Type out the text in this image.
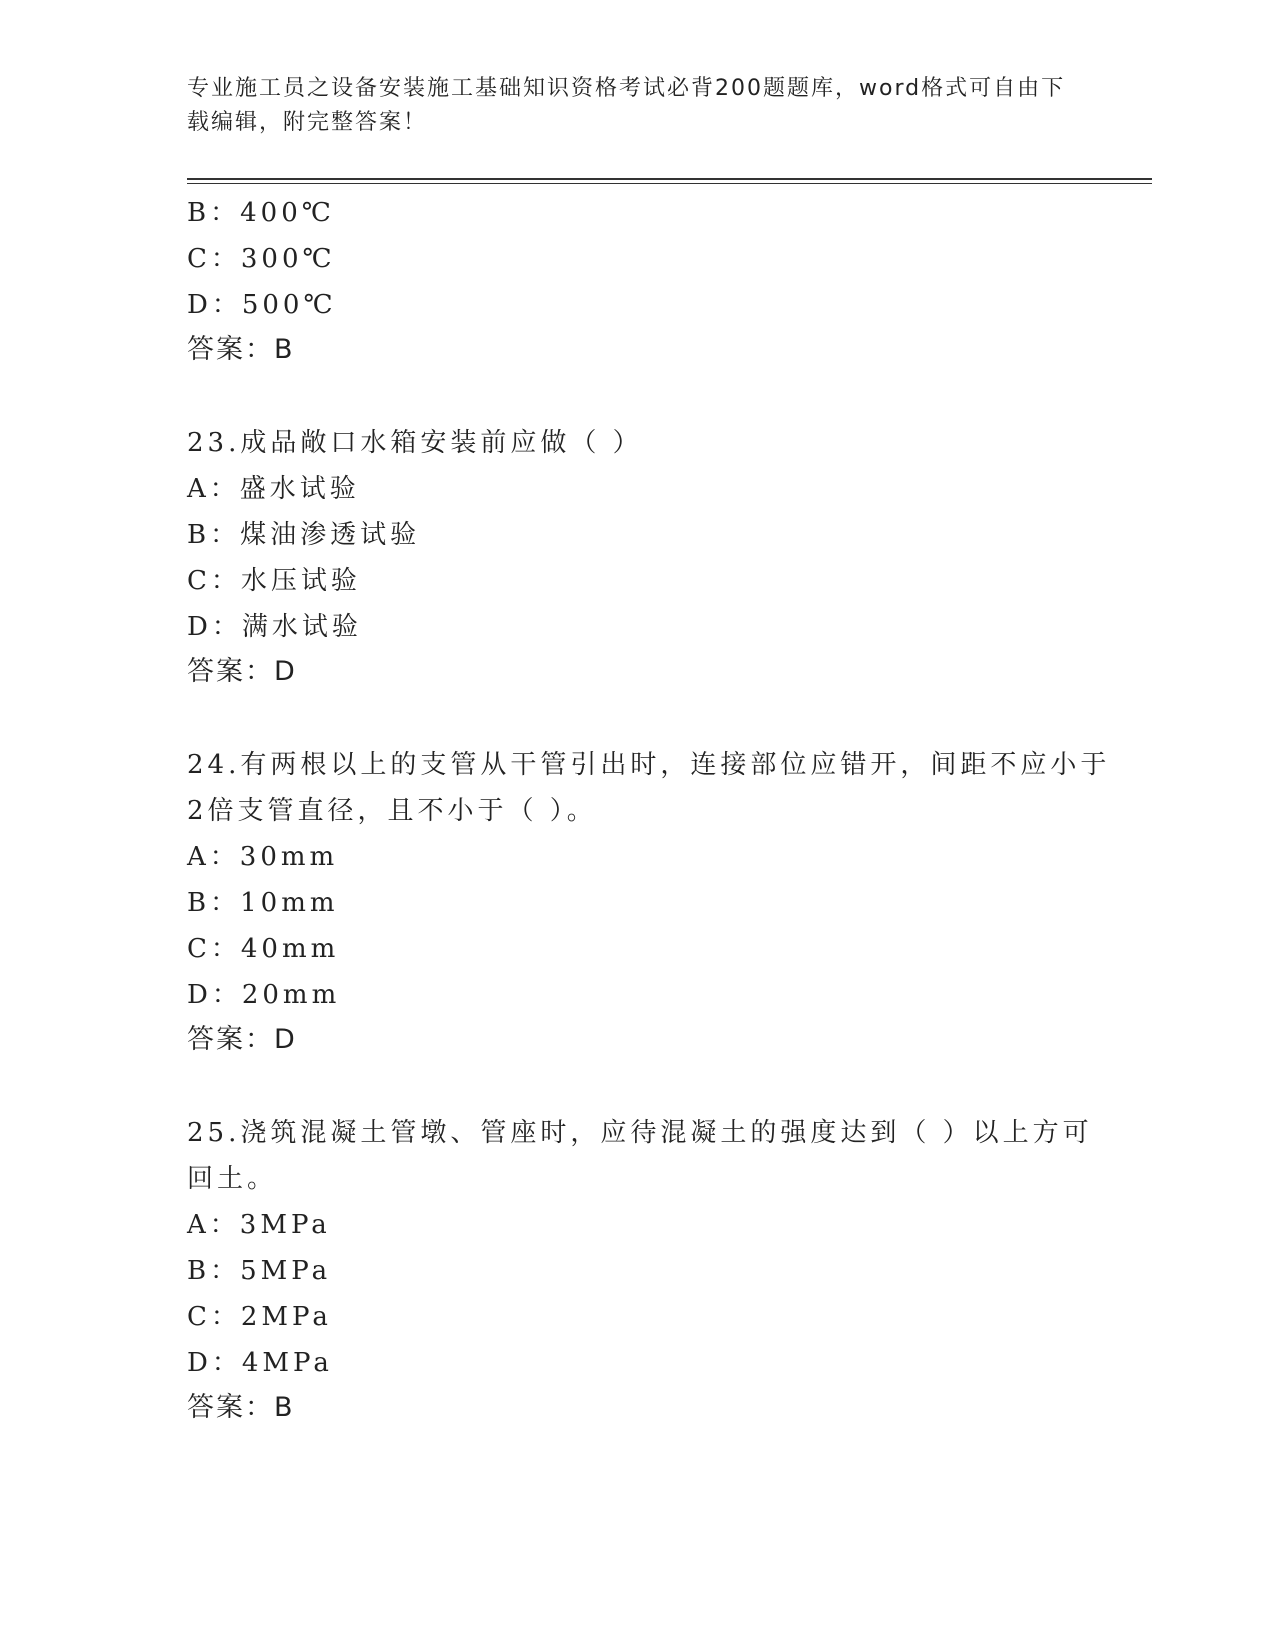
专业施工员之设备安装施工基础知识资格考试必背200题题库，word格式可自由下载编辑，附完整答案！
B：400℃
C：300℃
D：500℃
答案：B
23.成品敞口水箱安装前应做（ ）
A：盛水试验
B：煤油渗透试验
C：水压试验
D：满水试验
答案：D
24.有两根以上的支管从干管引出时，连接部位应错开，间距不应小于
2倍支管直径，且不小于（ ）。
A：30mm
B：10mm
C：40mm
D：20mm
答案：D
25.浇筑混凝土管墩、管座时，应待混凝土的强度达到（ ）以上方可
回土。
A：3MPa
B：5MPa
C：2MPa
D：4MPa
答案：B
